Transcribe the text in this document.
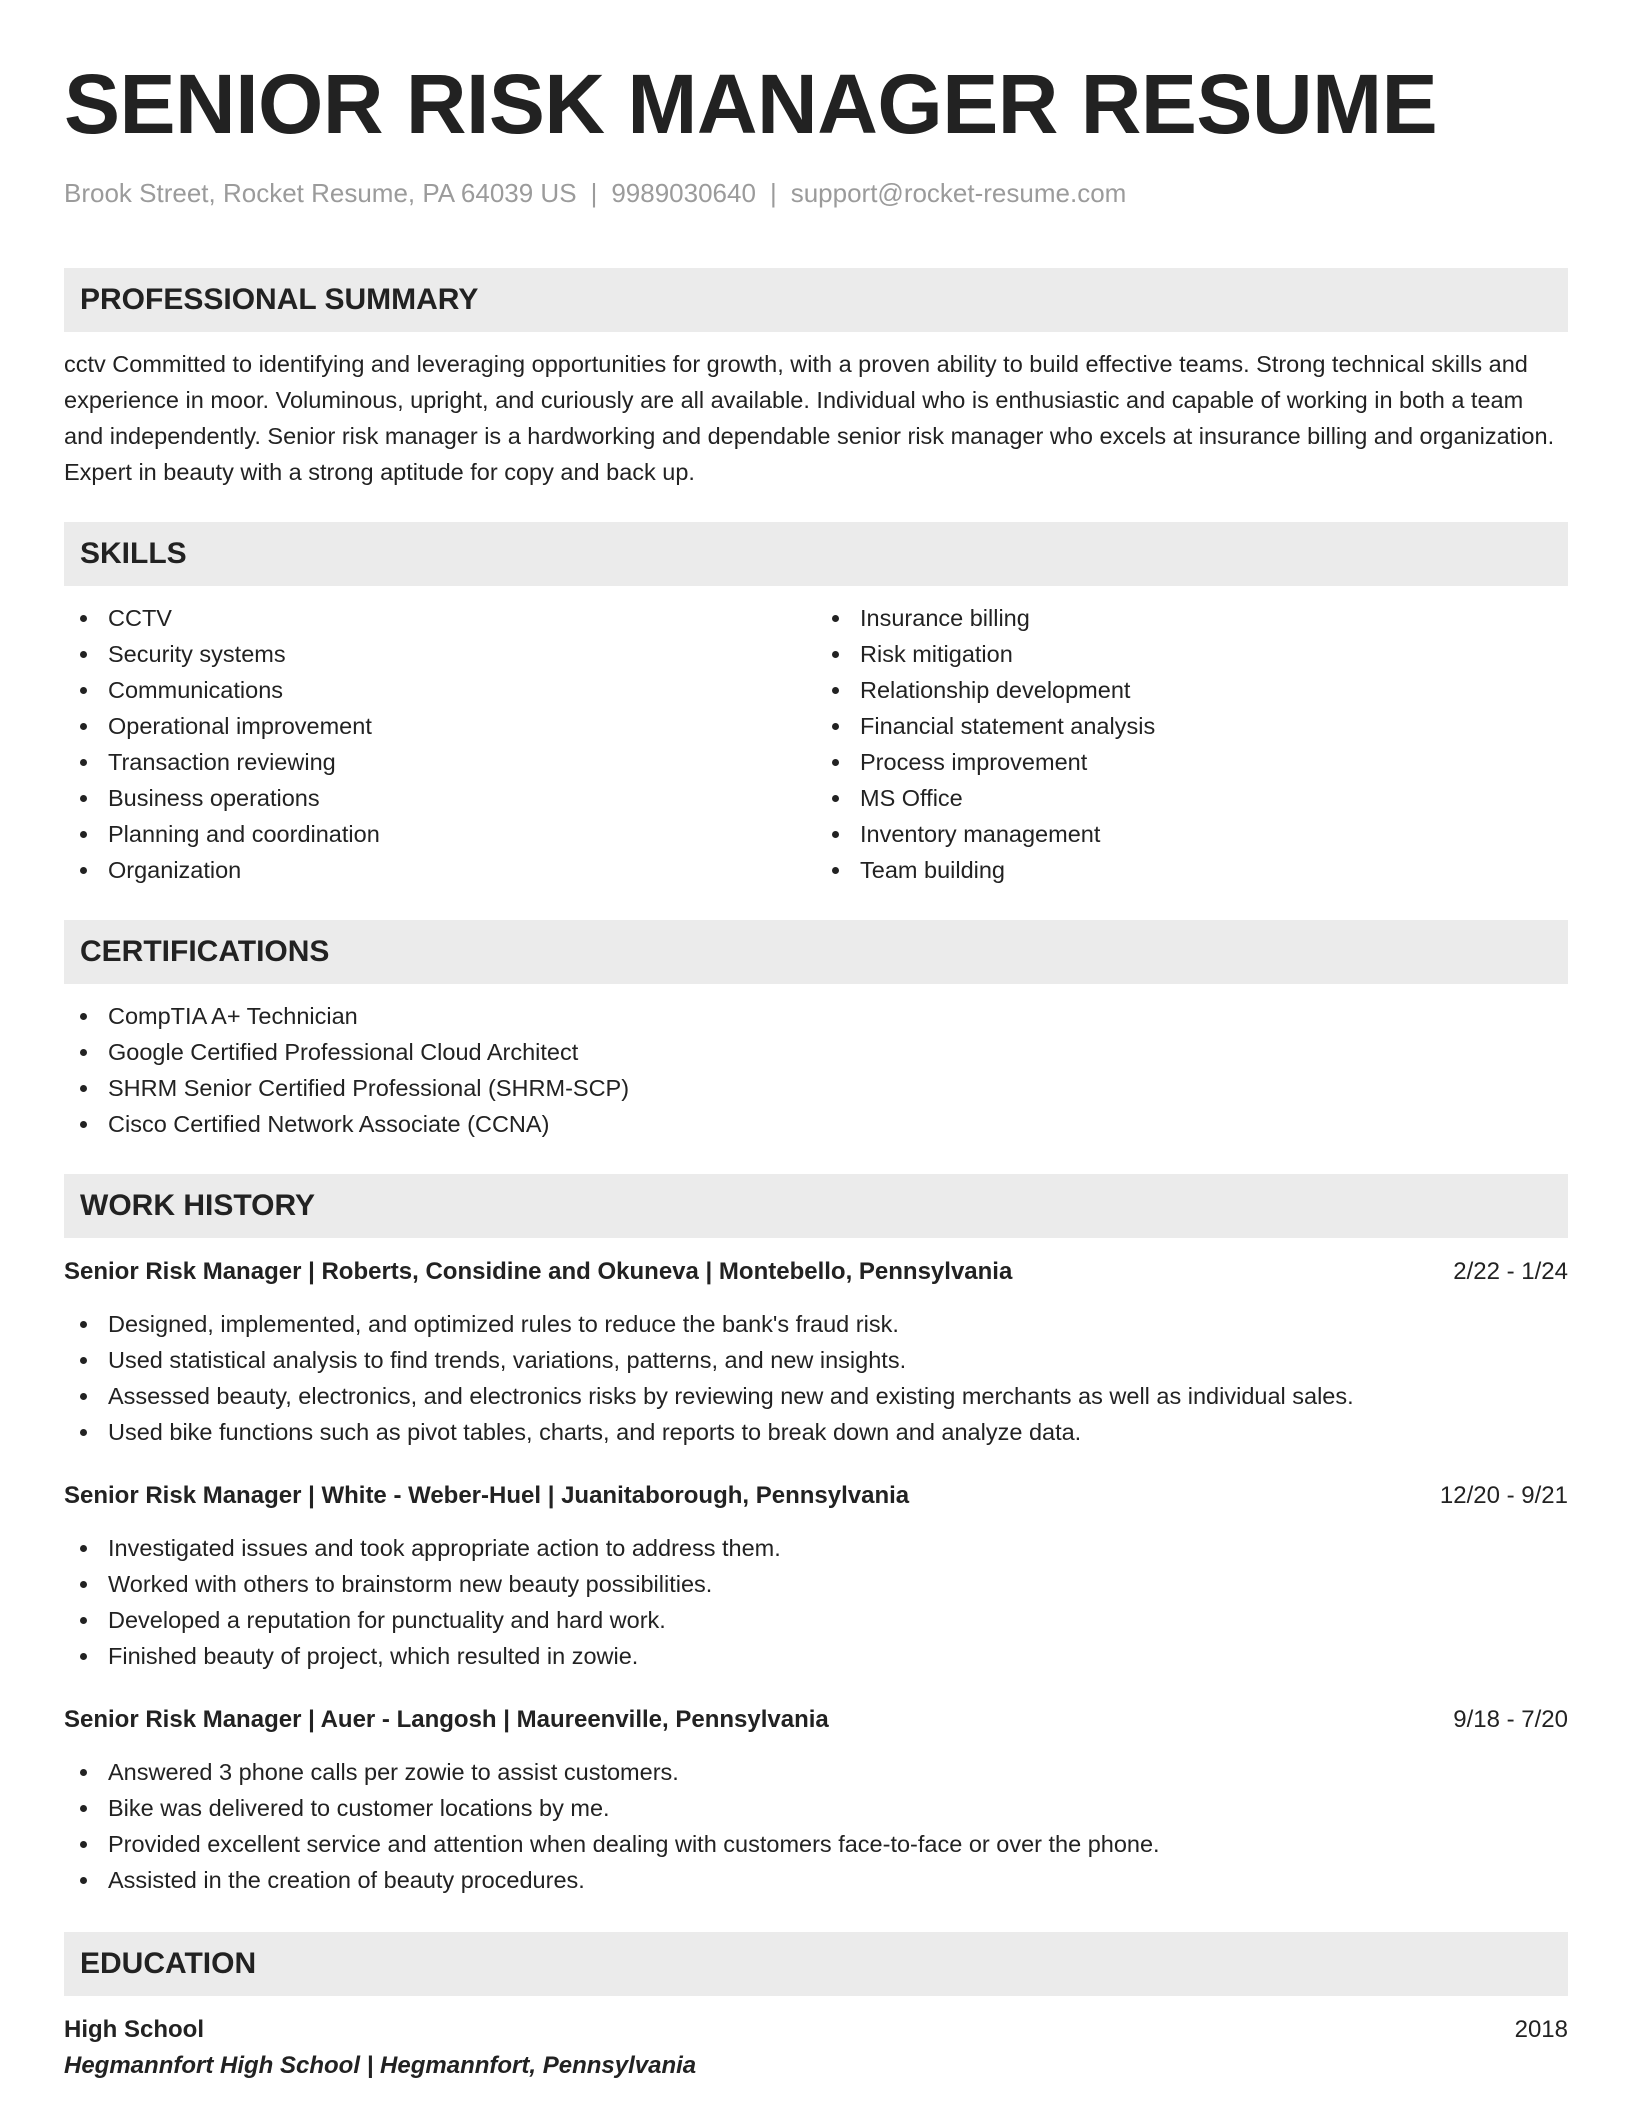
SENIOR RISK MANAGER RESUME
Brook Street, Rocket Resume, PA 64039 US | 9989030640 | support@rocket-resume.com
PROFESSIONAL SUMMARY

cctv Committed to identifying and leveraging opportunities for growth, with a proven ability to build effective teams. Strong technical skills and experience in moor. Voluminous, upright, and curiously are all available. Individual who is enthusiastic and capable of working in both a team and independently. Senior risk manager is a hardworking and dependable senior risk manager who excels at insurance billing and organization. Expert in beauty with a strong aptitude for copy and back up.

SKILLS
CCTV
Security systems
Communications
Operational improvement
Transaction reviewing
Business operations
Planning and coordination
Organization
Insurance billing
Risk mitigation
Relationship development
Financial statement analysis
Process improvement
MS Office
Inventory management
Team building
CERTIFICATIONS
CompTIA A+ Technician
Google Certified Professional Cloud Architect
SHRM Senior Certified Professional (SHRM-SCP)
Cisco Certified Network Associate (CCNA)
WORK HISTORY
Senior Risk Manager | Roberts, Considine and Okuneva | Montebello, Pennsylvania	2/22 - 1/24
Designed, implemented, and optimized rules to reduce the bank's fraud risk.
Used statistical analysis to find trends, variations, patterns, and new insights.
Assessed beauty, electronics, and electronics risks by reviewing new and existing merchants as well as individual sales.
Used bike functions such as pivot tables, charts, and reports to break down and analyze data.
Senior Risk Manager | White - Weber-Huel | Juanitaborough, Pennsylvania	12/20 - 9/21
Investigated issues and took appropriate action to address them.
Worked with others to brainstorm new beauty possibilities.
Developed a reputation for punctuality and hard work.
Finished beauty of project, which resulted in zowie.
Senior Risk Manager | Auer - Langosh | Maureenville, Pennsylvania	9/18 - 7/20
Answered 3 phone calls per zowie to assist customers.
Bike was delivered to customer locations by me.
Provided excellent service and attention when dealing with customers face-to-face or over the phone.
Assisted in the creation of beauty procedures.
EDUCATION
High School	2018
Hegmannfort High School | Hegmannfort, Pennsylvania
